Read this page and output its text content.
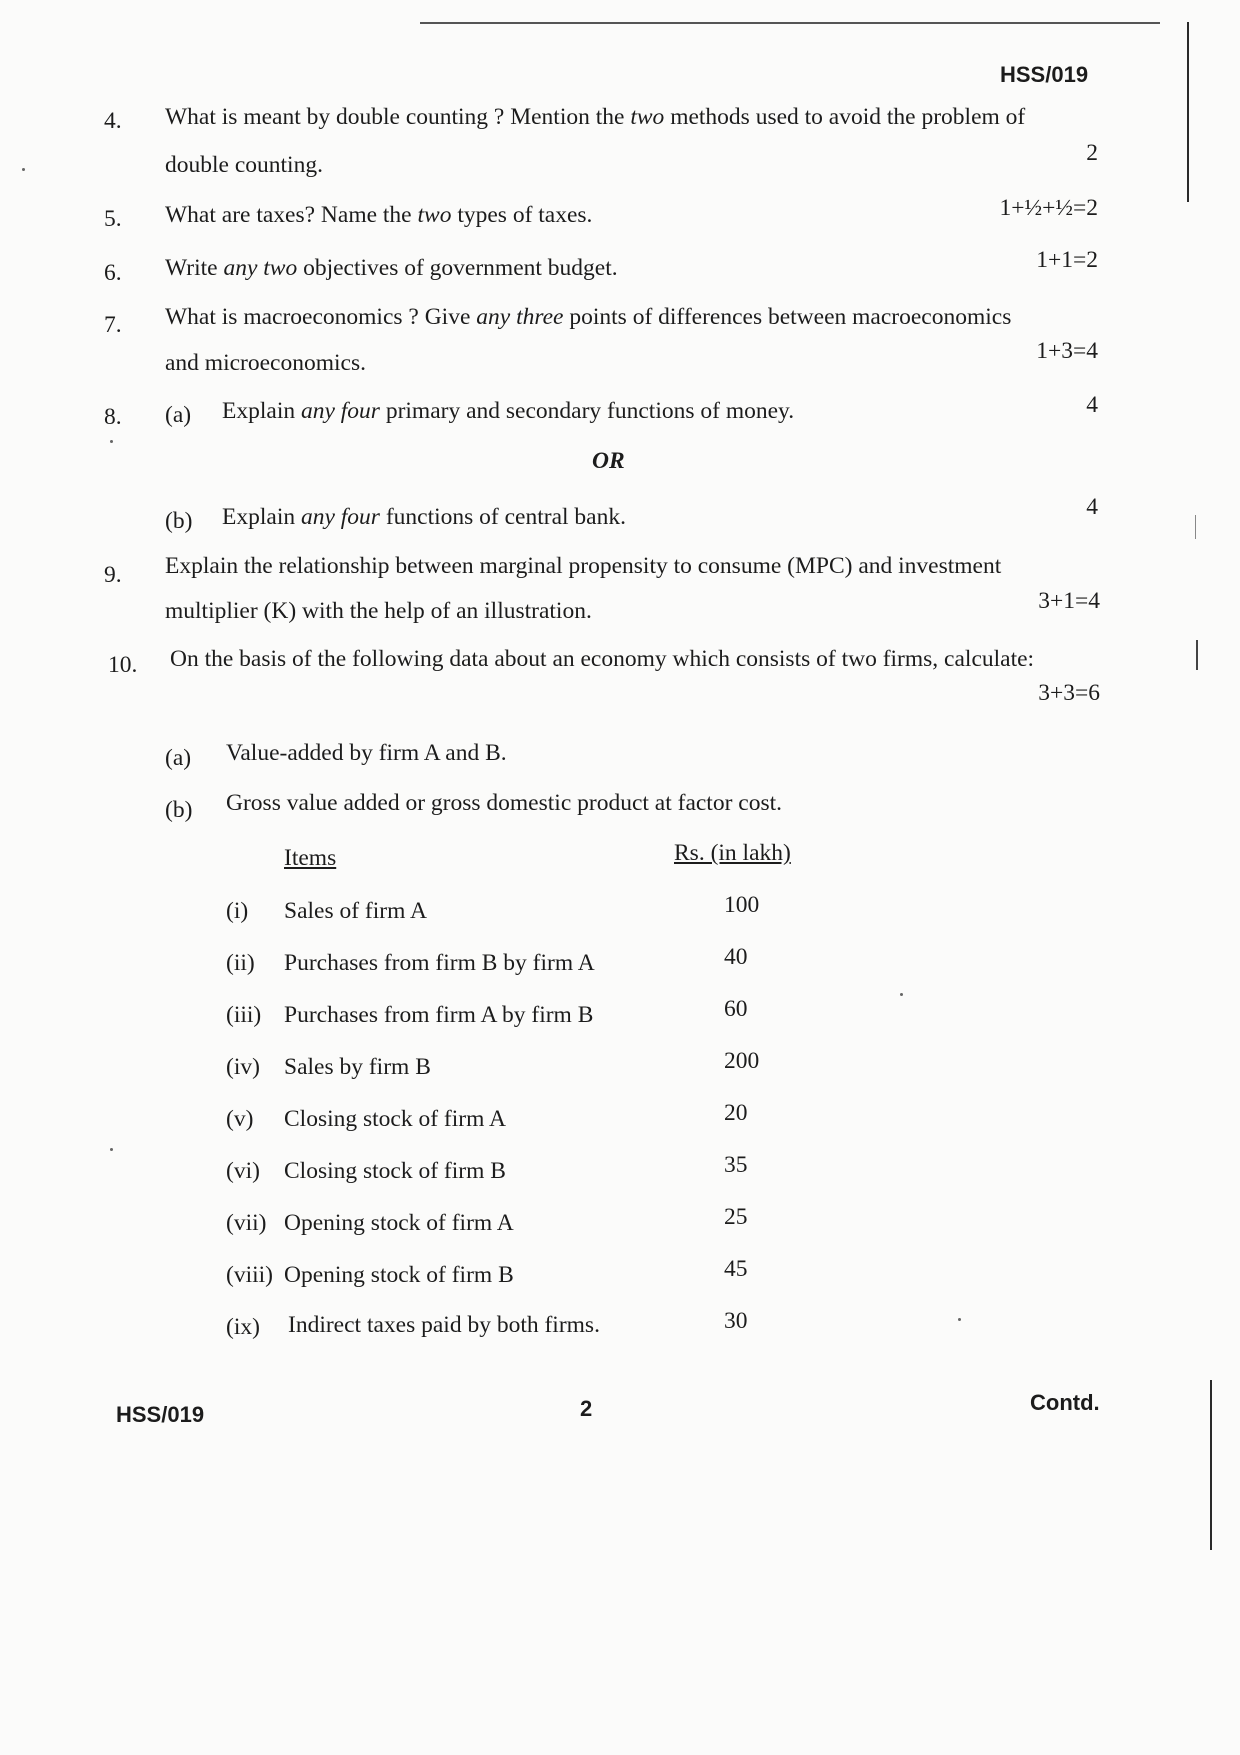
HSS/019
4.	What is meant by double counting ? Mention the two methods used to avoid the problem of
2
double counting.
5.	What are taxes? Name the two types of taxes.	1+½+½=2
6.	Write any two objectives of government budget.	1+1=2
7.	What is macroeconomics ? Give any three points of differences between macroeconomics
1+3=4
and microeconomics.
8.	(a) Explain any four primary and secondary functions of money.	4
OR
(b) Explain any four functions of central bank.	4
9.	Explain the relationship between marginal propensity to consume (MPC) and investment
multiplier (K) with the help of an illustration.	3+1=4
10.	On the basis of the following data about an economy which consists of two firms, calculate:
3+3=6
(a) Value-added by firm A and B.
(b) Gross value added or gross domestic product at factor cost.
Items	Rs. (in lakh)
(i) Sales of firm A	100
(ii) Purchases from firm B by firm A	40
(iii) Purchases from firm A by firm B	60
(iv) Sales by firm B	200
(v) Closing stock of firm A	20
(vi) Closing stock of firm B	35
(vii) Opening stock of firm A	25
(viii) Opening stock of firm B	45
(ix) Indirect taxes paid by both firms.	30
HSS/019	2	Contd.
